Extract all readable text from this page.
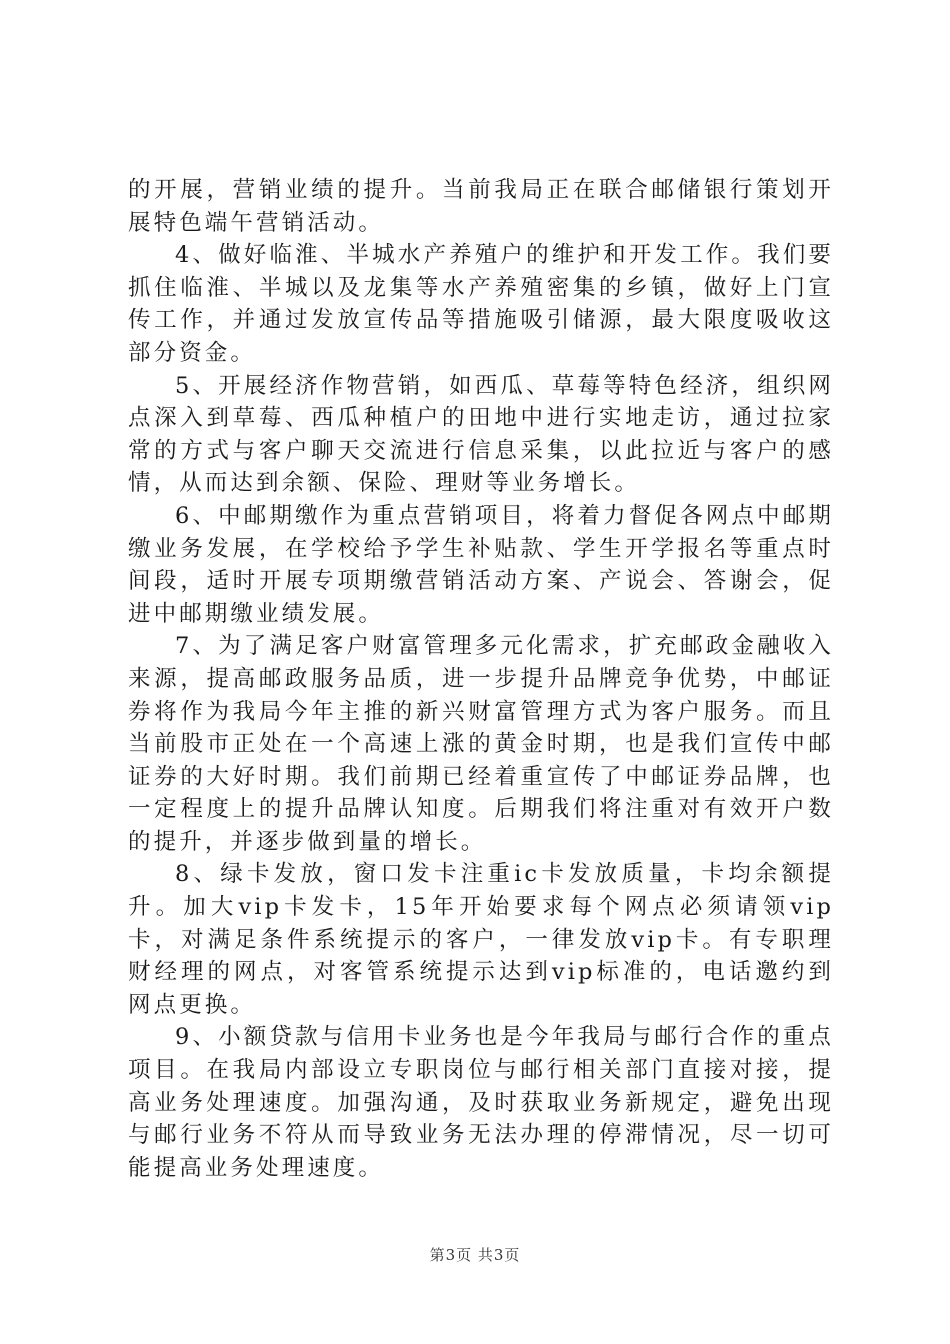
的开展，营销业绩的提升。当前我局正在联合邮储银行策划开展特色端午营销活动。

4、做好临淮、半城水产养殖户的维护和开发工作。我们要抓住临淮、半城以及龙集等水产养殖密集的乡镇，做好上门宣传工作，并通过发放宣传品等措施吸引储源，最大限度吸收这部分资金。

5、开展经济作物营销，如西瓜、草莓等特色经济，组织网点深入到草莓、西瓜种植户的田地中进行实地走访，通过拉家常的方式与客户聊天交流进行信息采集，以此拉近与客户的感情，从而达到余额、保险、理财等业务增长。

6、中邮期缴作为重点营销项目，将着力督促各网点中邮期缴业务发展，在学校给予学生补贴款、学生开学报名等重点时间段，适时开展专项期缴营销活动方案、产说会、答谢会，促进中邮期缴业绩发展。

7、为了满足客户财富管理多元化需求，扩充邮政金融收入来源，提高邮政服务品质，进一步提升品牌竞争优势，中邮证券将作为我局今年主推的新兴财富管理方式为客户服务。而且当前股市正处在一个高速上涨的黄金时期，也是我们宣传中邮证券的大好时期。我们前期已经着重宣传了中邮证券品牌，也一定程度上的提升品牌认知度。后期我们将注重对有效开户数的提升，并逐步做到量的增长。

8、绿卡发放，窗口发卡注重ic卡发放质量，卡均余额提升。加大vip卡发卡，15年开始要求每个网点必须请领vip卡，对满足条件系统提示的客户，一律发放vip卡。有专职理财经理的网点，对客管系统提示达到vip标准的，电话邀约到网点更换。

9、小额贷款与信用卡业务也是今年我局与邮行合作的重点项目。在我局内部设立专职岗位与邮行相关部门直接对接，提高业务处理速度。加强沟通，及时获取业务新规定，避免出现与邮行业务不符从而导致业务无法办理的停滞情况，尽一切可能提高业务处理速度。

第3页 共3页
